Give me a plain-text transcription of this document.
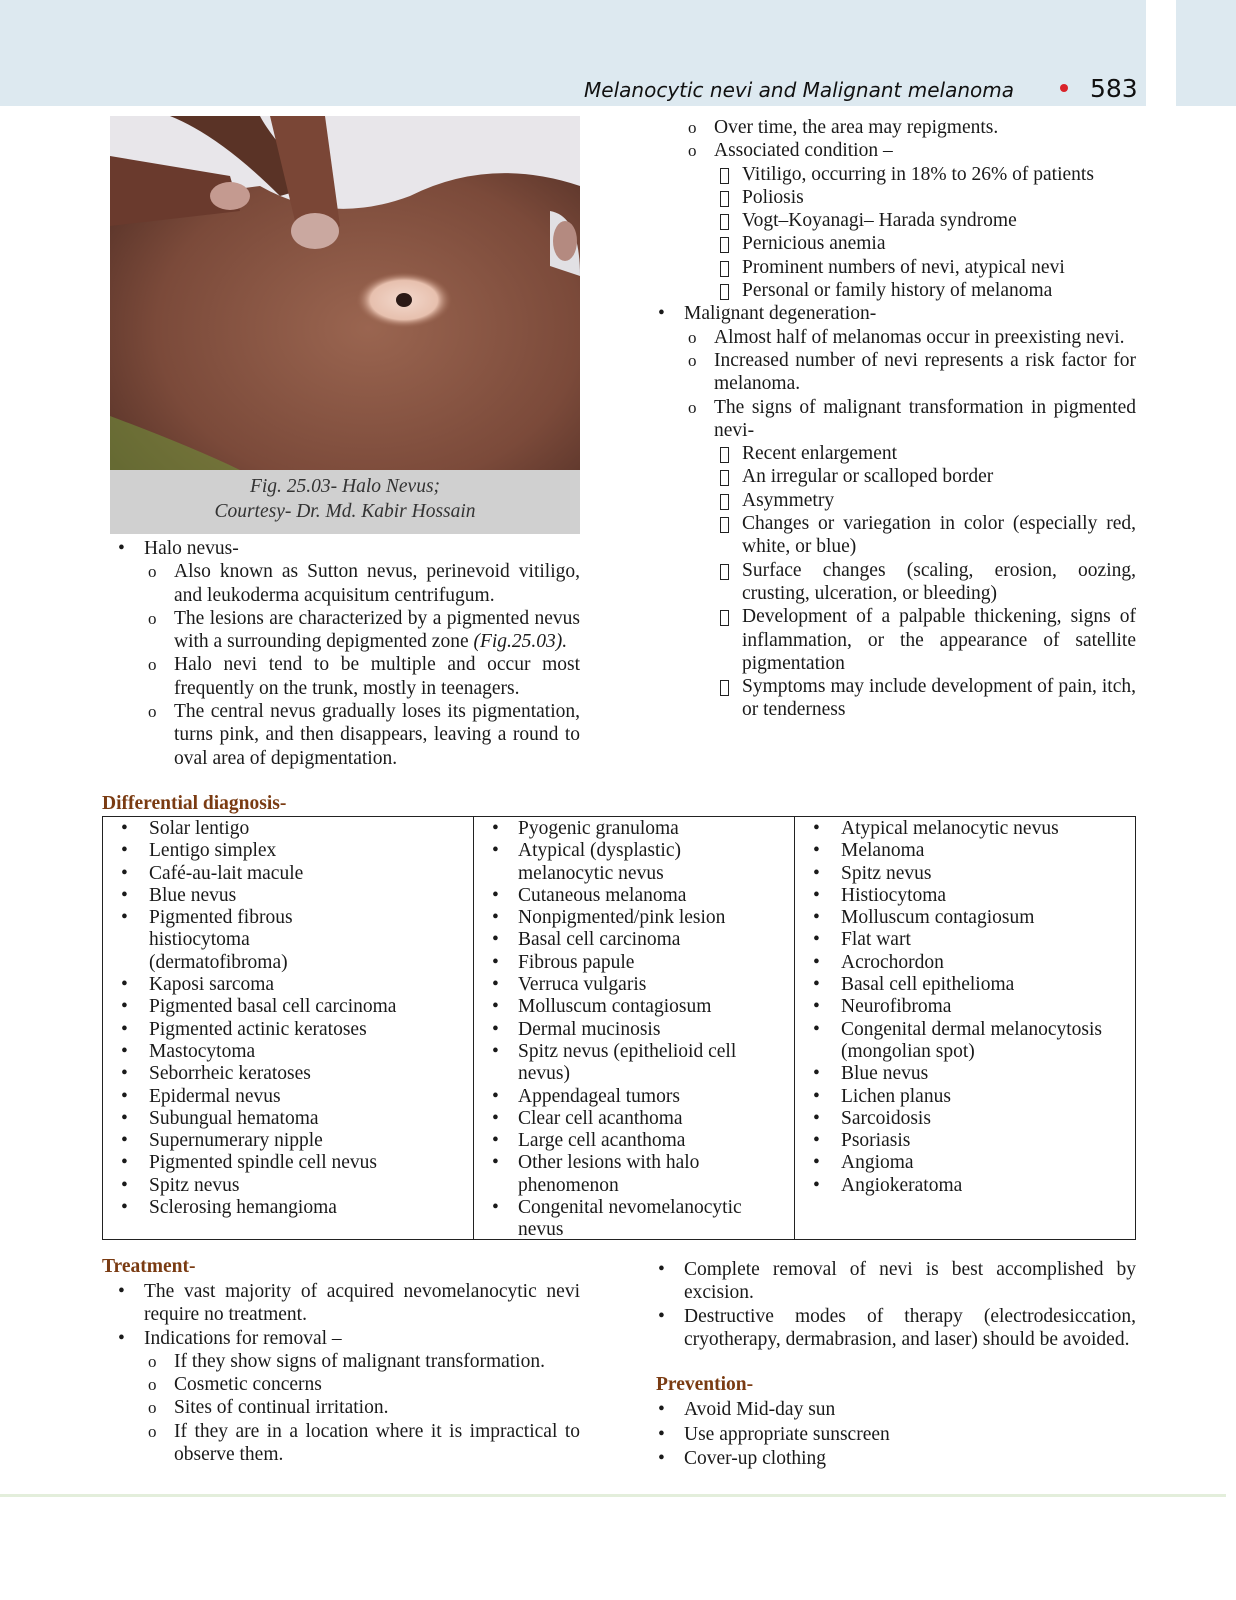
Melanocytic nevi and Malignant melanoma	583
Fig. 25.03- Halo Nevus;
Courtesy- Dr. Md. Kabir Hossain

• Halo nevus-

o Also known as Sutton nevus, perinevoid vitiligo, and leukoderma acquisitum centrifugum.

o The lesions are characterized by a pigmented nevus with a surrounding depigmented zone (Fig.25.03).

o Halo nevi tend to be multiple and occur most frequently on the trunk, mostly in teenagers.

o The central nevus gradually loses its pigmentation, turns pink, and then disappears, leaving a round to oval area of depigmentation.

o Over time, the area may repigments.

o Associated condition –

Vitiligo, occurring in 18% to 26% of patients

Poliosis

Vogt–Koyanagi– Harada syndrome

Pernicious anemia

Prominent numbers of nevi, atypical nevi

Personal or family history of melanoma

• Malignant degeneration-

o Almost half of melanomas occur in preexisting nevi.

o Increased number of nevi represents a risk factor for melanoma.

o The signs of malignant transformation in pigmented nevi-

Recent enlargement

An irregular or scalloped border

Asymmetry

Changes or variegation in color (especially red, white, or blue)

Surface changes (scaling, erosion, oozing, crusting, ulceration, or bleeding)

Development of a palpable thickening, signs of inflammation, or the appearance of satellite pigmentation

Symptoms may include development of pain, itch, or tenderness

Differential diagnosis-
• Solar lentigo
• Lentigo simplex
• Café-au-lait macule
• Blue nevus
• Pigmented fibrous histiocytoma (dermatofibroma)
• Kaposi sarcoma
• Pigmented basal cell carcinoma
• Pigmented actinic keratoses
• Mastocytoma
• Seborrheic keratoses
• Epidermal nevus
• Subungual hematoma
• Supernumerary nipple
• Pigmented spindle cell nevus
• Spitz nevus
• Sclerosing hemangioma
• Pyogenic granuloma
• Atypical (dysplastic) melanocytic nevus
• Cutaneous melanoma
• Nonpigmented/pink lesion
• Basal cell carcinoma
• Fibrous papule
• Verruca vulgaris
• Molluscum contagiosum
• Dermal mucinosis
• Spitz nevus (epithelioid cell nevus)
• Appendageal tumors
• Clear cell acanthoma
• Large cell acanthoma
• Other lesions with halo phenomenon
• Congenital nevomelanocytic nevus
• Atypical melanocytic nevus
• Melanoma
• Spitz nevus
• Histiocytoma
• Molluscum contagiosum
• Flat wart
• Acrochordon
• Basal cell epithelioma
• Neurofibroma
• Congenital dermal melanocytosis (mongolian spot)
• Blue nevus
• Lichen planus
• Sarcoidosis
• Psoriasis
• Angioma
• Angiokeratoma
Treatment-

• The vast majority of acquired nevomelanocytic nevi require no treatment.

• Indications for removal –

o If they show signs of malignant transformation.

o Cosmetic concerns

o Sites of continual irritation.

o If they are in a location where it is impractical to observe them.

• Complete removal of nevi is best accomplished by excision.

• Destructive modes of therapy (electrodesiccation, cryotherapy, dermabrasion, and laser) should be avoided.

Prevention-

• Avoid Mid-day sun

• Use appropriate sunscreen

• Cover-up clothing
